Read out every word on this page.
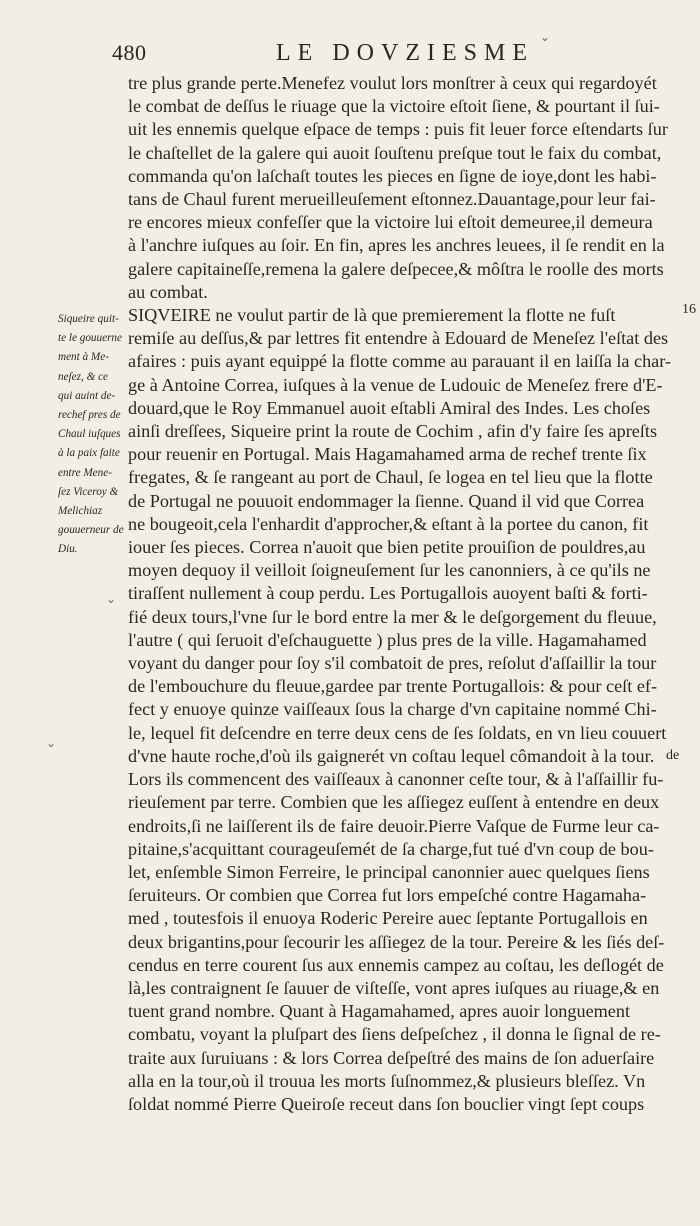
480	LE DOVZIESME
tre plus grande perte.Menefez voulut lors monſtrer à ceux qui regardoyét
le combat de deſſus le riuage que la victoire eſtoit ſiene, & pourtant il ſui-
uit les ennemis quelque eſpace de temps : puis fit leuer force eſtendarts ſur
le chaſtellet de la galere qui auoit ſouſtenu preſque tout le faix du combat,
commanda qu'on laſchaſt toutes les pieces en ſigne de ioye,dont les habi-
tans de Chaul furent merueilleuſement eſtonnez.Dauantage,pour leur fai-
re encores mieux confeſſer que la victoire lui eſtoit demeuree,il demeura
à l'anchre iuſques au ſoir. En fin, apres les anchres leuees, il ſe rendit en la
galere capitaineſſe,remena la galere deſpecee,& môſtra le roolle des morts
au combat.
SIQVEIRE ne voulut partir de là que premierement la flotte ne fuſt
remiſe au deſſus,& par lettres fit entendre à Edouard de Meneſez l'eſtat des
afaires : puis ayant equippé la flotte comme au parauant il en laiſſa la char-
ge à Antoine Correa, iuſques à la venue de Ludouic de Meneſez frere d'E-
douard,que le Roy Emmanuel auoit eſtabli Amiral des Indes. Les choſes
ainſi dreſſees, Siqueire print la route de Cochim , afin d'y faire ſes apreſts
pour reuenir en Portugal. Mais Hagamahamed arma de rechef trente ſix
fregates, & ſe rangeant au port de Chaul, ſe logea en tel lieu que la flotte
de Portugal ne pouuoit endommager la ſienne. Quand il vid que Correa
ne bougeoit,cela l'enhardit d'approcher,& eſtant à la portee du canon, fit
iouer ſes pieces. Correa n'auoit que bien petite prouiſion de pouldres,au
moyen dequoy il veilloit ſoigneuſement ſur les canonniers, à ce qu'ils ne
tiraſſent nullement à coup perdu. Les Portugallois auoyent baſti & forti-
fié deux tours,l'vne ſur le bord entre la mer & le deſgorgement du fleuue,
l'autre ( qui ſeruoit d'eſchauguette ) plus pres de la ville. Hagamahamed
voyant du danger pour ſoy s'il combatoit de pres, reſolut d'aſſaillir la tour
de l'embouchure du fleuue,gardee par trente Portugallois: & pour ceſt ef-
fect y enuoye quinze vaiſſeaux ſous la charge d'vn capitaine nommé Chi-
le, lequel fit deſcendre en terre deux cens de ſes ſoldats, en vn lieu couuert
d'vne haute roche,d'où ils gaignerét vn coſtau lequel cômandoit à la tour.
Lors ils commencent des vaiſſeaux à canonner ceſte tour, & à l'aſſaillir fu-
rieuſement par terre. Combien que les aſſiegez euſſent à entendre en deux
endroits,ſi ne laiſſerent ils de faire deuoir.Pierre Vaſque de Furme leur ca-
pitaine,s'acquittant courageuſemét de ſa charge,fut tué d'vn coup de bou-
let, enſemble Simon Ferreire, le principal canonnier auec quelques ſiens
ſeruiteurs. Or combien que Correa fut lors empeſché contre Hagamaha-
med , toutesfois il enuoya Roderic Pereire auec ſeptante Portugallois en
deux brigantins,pour ſecourir les aſſiegez de la tour. Pereire & les ſiés deſ-
cendus en terre courent ſus aux ennemis campez au coſtau, les deſlogét de
là,les contraignent ſe ſauuer de viſteſſe, vont apres iuſques au riuage,& en
tuent grand nombre. Quant à Hagamahamed, apres auoir longuement
combatu, voyant la pluſpart des ſiens deſpeſchez , il donna le ſignal de re-
traite aux ſuruiuans : & lors Correa deſpeſtré des mains de ſon aduerſaire
alla en la tour,où il trouua les morts ſuſnommez,& plusieurs bleſſez. Vn
ſoldat nommé Pierre Queiroſe receut dans ſon bouclier vingt ſept coups
Siqueire quit-
te le gouuerne
ment à Me-
neſez, & ce
qui auint de-
rechef pres de
Chaul iuſques
à la paix faite
entre Mene-
ſez Viceroy &
Melichiaz
gouuerneur de
Diu.
16
de
⌄
⌄
⌄
